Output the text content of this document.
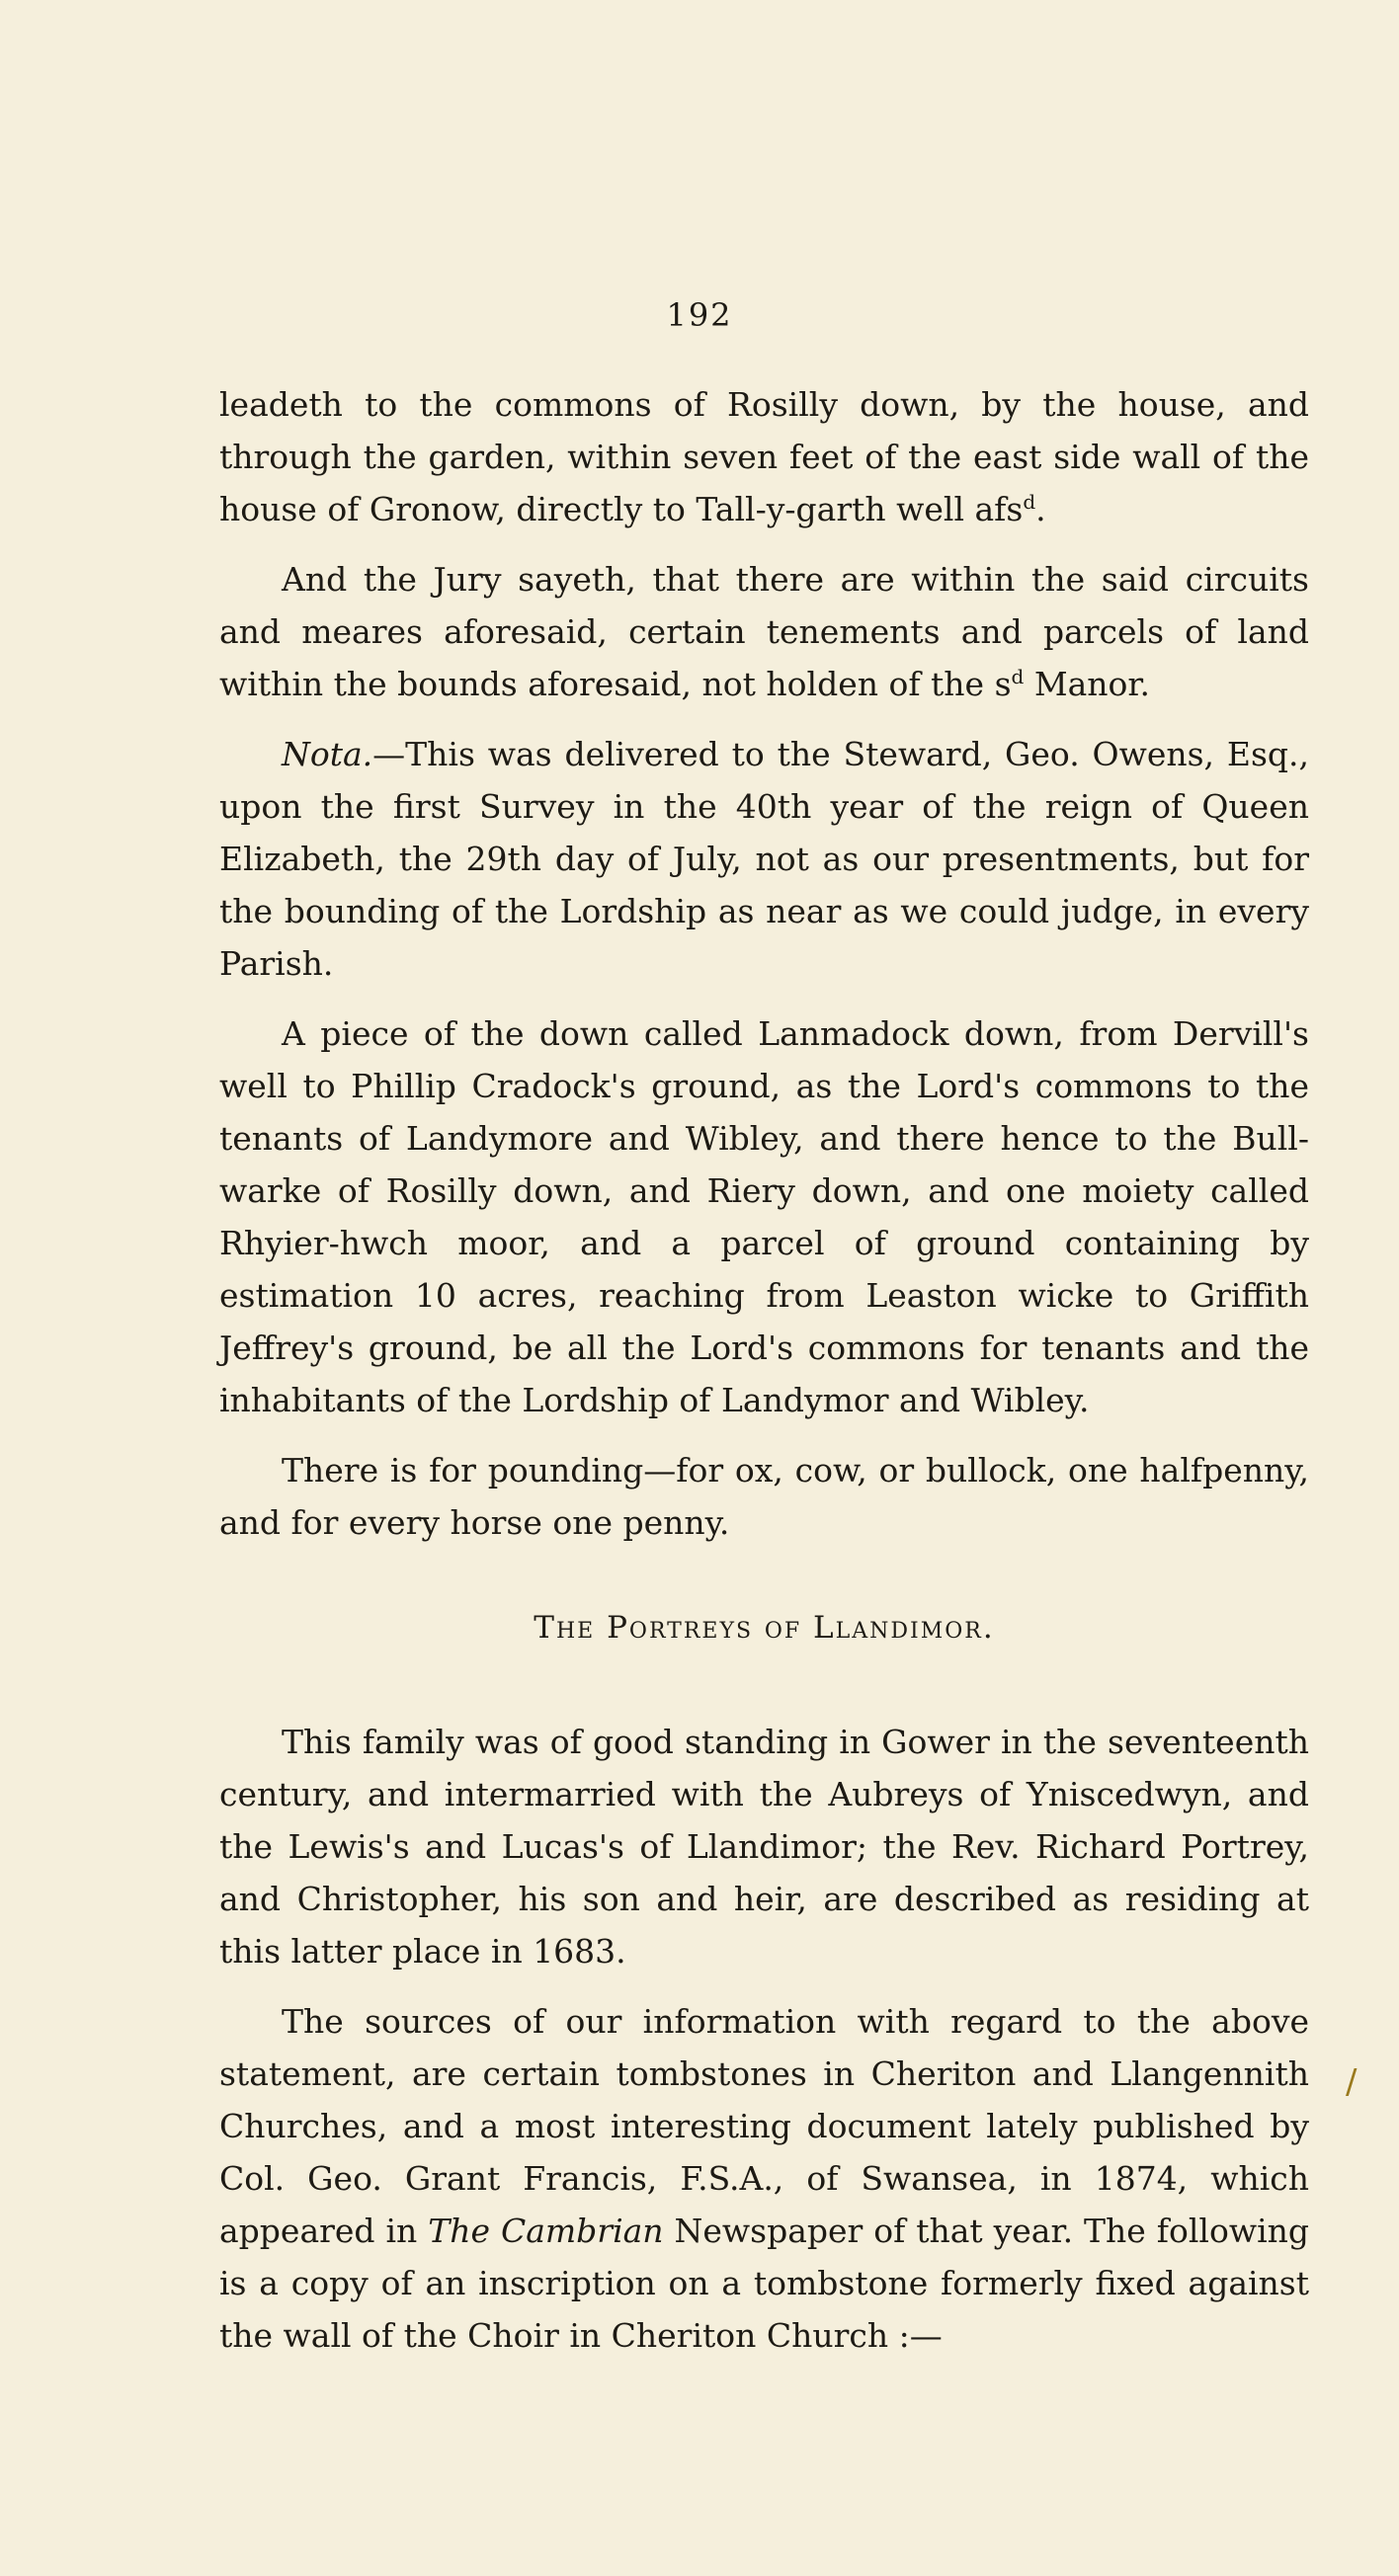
192

leadeth to the commons of Rosilly down, by the house, and through the garden, within seven feet of the east side wall of the house of Gronow, directly to Tall-y-garth well afs$^d$.

And the Jury sayeth, that there are within the said circuits and meares aforesaid, certain tenements and parcels of land within the bounds aforesaid, not holden of the $s^d$ Manor.

Nota.—This was delivered to the Steward, Geo. Owens, Esq., upon the first Survey in the 40th year of the reign of Queen Elizabeth, the 29th day of July, not as our presentments, but for the bounding of the Lordship as near as we could judge, in every Parish.

A piece of the down called Lanmadock down, from Dervill's well to Phillip Cradock's ground, as the Lord's commons to the tenants of Landymore and Wibley, and there hence to the Bull-warke of Rosilly down, and Riery down, and one moiety called Rhyier-hwch moor, and a parcel of ground containing by estimation 10 acres, reaching from Leaston wicke to Griffith Jeffrey's ground, be all the Lord's commons for tenants and the inhabitants of the Lordship of Landymor and Wibley.

There is for pounding—for ox, cow, or bullock, one halfpenny, and for every horse one penny.

The Portreys of Llandimor.

This family was of good standing in Gower in the seventeenth century, and intermarried with the Aubreys of Yniscedwyn, and the Lewis's and Lucas's of Llandimor; the Rev. Richard Portrey, and Christopher, his son and heir, are described as residing at this latter place in 1683.

The sources of our information with regard to the above statement, are certain tombstones in Cheriton and Llangennith Churches, and a most interesting document lately published by Col. Geo. Grant Francis, F.S.A., of Swansea, in 1874, which appeared in The Cambrian Newspaper of that year. The following is a copy of an inscription on a tombstone formerly fixed against the wall of the Choir in Cheriton Church :—

/
